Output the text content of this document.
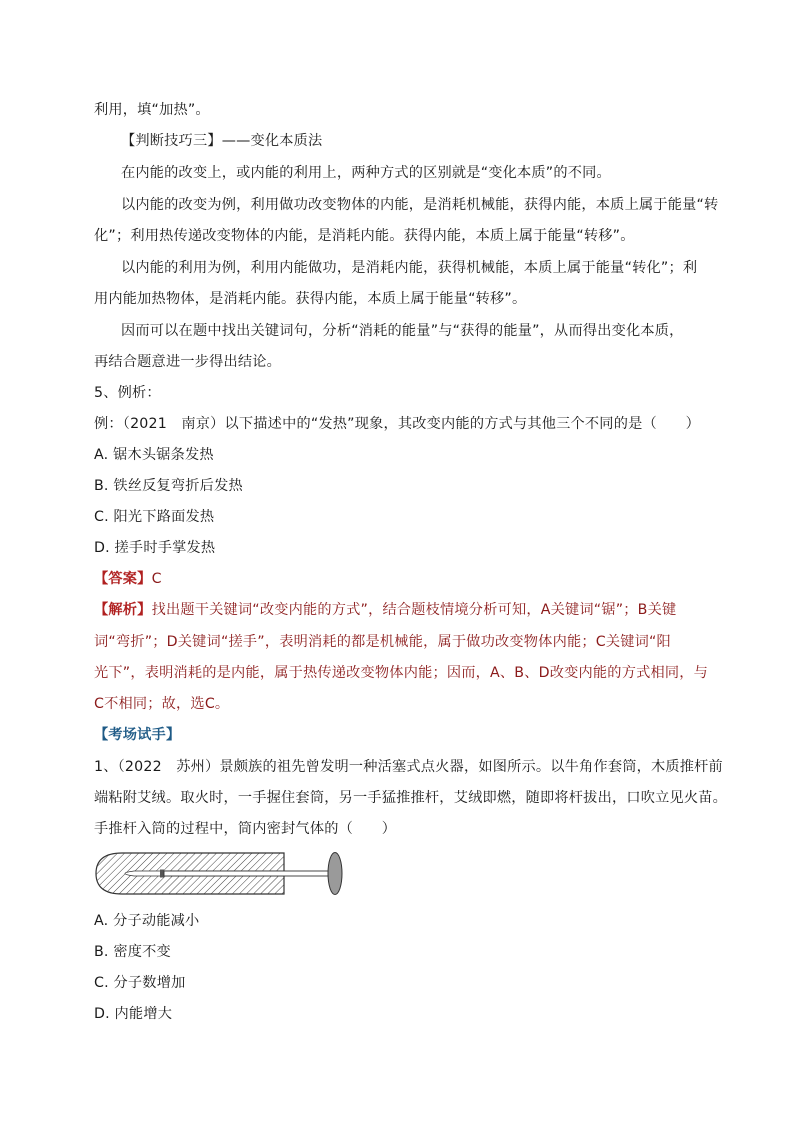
利用，填“加热”。
【判断技巧三】——变化本质法
在内能的改变上，或内能的利用上，两种方式的区别就是“变化本质”的不同。
以内能的改变为例，利用做功改变物体的内能，是消耗机械能，获得内能，本质上属于能量“转
化”；利用热传递改变物体的内能，是消耗内能。获得内能，本质上属于能量“转移”。
以内能的利用为例，利用内能做功，是消耗内能，获得机械能，本质上属于能量“转化”；利
用内能加热物体，是消耗内能。获得内能，本质上属于能量“转移”。
因而可以在题中找出关键词句，分析“消耗的能量”与“获得的能量”，从而得出变化本质，
再结合题意进一步得出结论。
5、例析：
例：（2021　南京）以下描述中的“发热”现象，其改变内能的方式与其他三个不同的是（　　）
A. 锯木头锯条发热
B. 铁丝反复弯折后发热
C. 阳光下路面发热
D. 搓手时手掌发热
【答案】C
【解析】找出题干关键词“改变内能的方式”，结合题枝情境分析可知，A关键词“锯”；B关键
词“弯折”；D关键词“搓手”，表明消耗的都是机械能，属于做功改变物体内能；C关键词“阳
光下”，表明消耗的是内能，属于热传递改变物体内能；因而，A、B、D改变内能的方式相同，与
C不相同；故，选C。
【考场试手】
1、（2022　苏州）景颇族的祖先曾发明一种活塞式点火器，如图所示。以牛角作套筒，木质推杆前
端粘附艾绒。取火时，一手握住套筒，另一手猛推推杆，艾绒即燃，随即将杆拔出，口吹立见火苗。
手推杆入筒的过程中，筒内密封气体的（　　）
A. 分子动能减小
B. 密度不变
C. 分子数增加
D. 内能增大
